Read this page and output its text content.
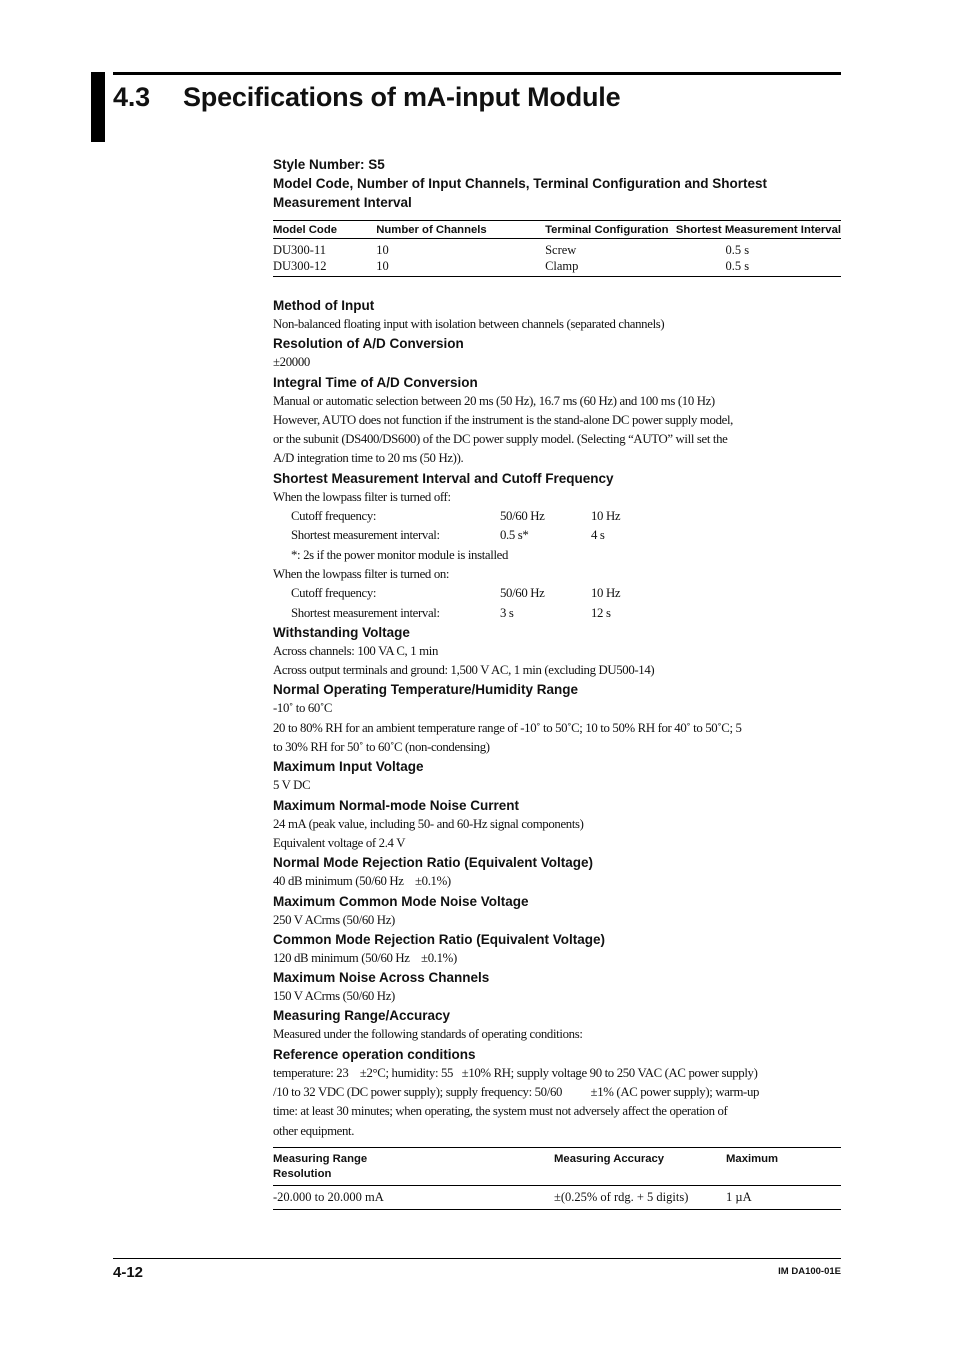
4.3 Specifications of mA-input Module
Style Number: S5
Model Code, Number of Input Channels, Terminal Configuration and Shortest
Measurement Interval
Model Code	Number of Channels	Terminal Configuration	Shortest Measurement Interval
DU300-11	10	Screw	0.5 s
DU300-12	10	Clamp	0.5 s
Method of Input
Non-balanced floating input with isolation between channels (separated channels)
Resolution of A/D Conversion
±20000
Integral Time of A/D Conversion
Manual or automatic selection between 20 ms (50 Hz), 16.7 ms (60 Hz) and 100 ms (10 Hz)
However, AUTO does not function if the instrument is the stand-alone DC power supply model,
or the subunit (DS400/DS600) of the DC power supply model. (Selecting “AUTO” will set the
A/D integration time to 20 ms (50 Hz)).
Shortest Measurement Interval and Cutoff Frequency
When the lowpass filter is turned off:
Cutoff frequency:	50/60 Hz	10 Hz
Shortest measurement interval:	0.5 s*	4 s
*: 2s if the power monitor module is installed
When the lowpass filter is turned on:
Cutoff frequency:	50/60 Hz	10 Hz
Shortest measurement interval:	3 s	12 s
Withstanding Voltage
Across channels: 100 VA C, 1 min
Across output terminals and ground: 1,500 V AC, 1 min (excluding DU500-14)
Normal Operating Temperature/Humidity Range
-10˚ to 60˚C
20 to 80% RH for an ambient temperature range of -10˚ to 50˚C; 10 to 50% RH for 40˚ to 50˚C; 5
to 30% RH for 50˚ to 60˚C (non-condensing)
Maximum Input Voltage
5 V DC
Maximum Normal-mode Noise Current
24 mA (peak value, including 50- and 60-Hz signal components)
Equivalent voltage of 2.4 V
Normal Mode Rejection Ratio (Equivalent Voltage)
40 dB minimum (50/60 Hz    ±0.1%)
Maximum Common Mode Noise Voltage
250 V ACrms (50/60 Hz)
Common Mode Rejection Ratio (Equivalent Voltage)
120 dB minimum (50/60 Hz    ±0.1%)
Maximum Noise Across Channels
150 V ACrms (50/60 Hz)
Measuring Range/Accuracy
Measured under the following standards of operating conditions:
Reference operation conditions
temperature: 23    ±2°C; humidity: 55   ±10% RH; supply voltage 90 to 250 VAC (AC power supply)
/10 to 32 VDC (DC power supply); supply frequency: 50/60          ±1% (AC power supply); warm-up
time: at least 30 minutes; when operating, the system must not adversely affect the operation of
other equipment.
Measuring Range
Resolution	Measuring Accuracy	Maximum
-20.000 to 20.000 mA	±(0.25% of rdg. + 5 digits)	1 µA
4-12	IM DA100-01E
